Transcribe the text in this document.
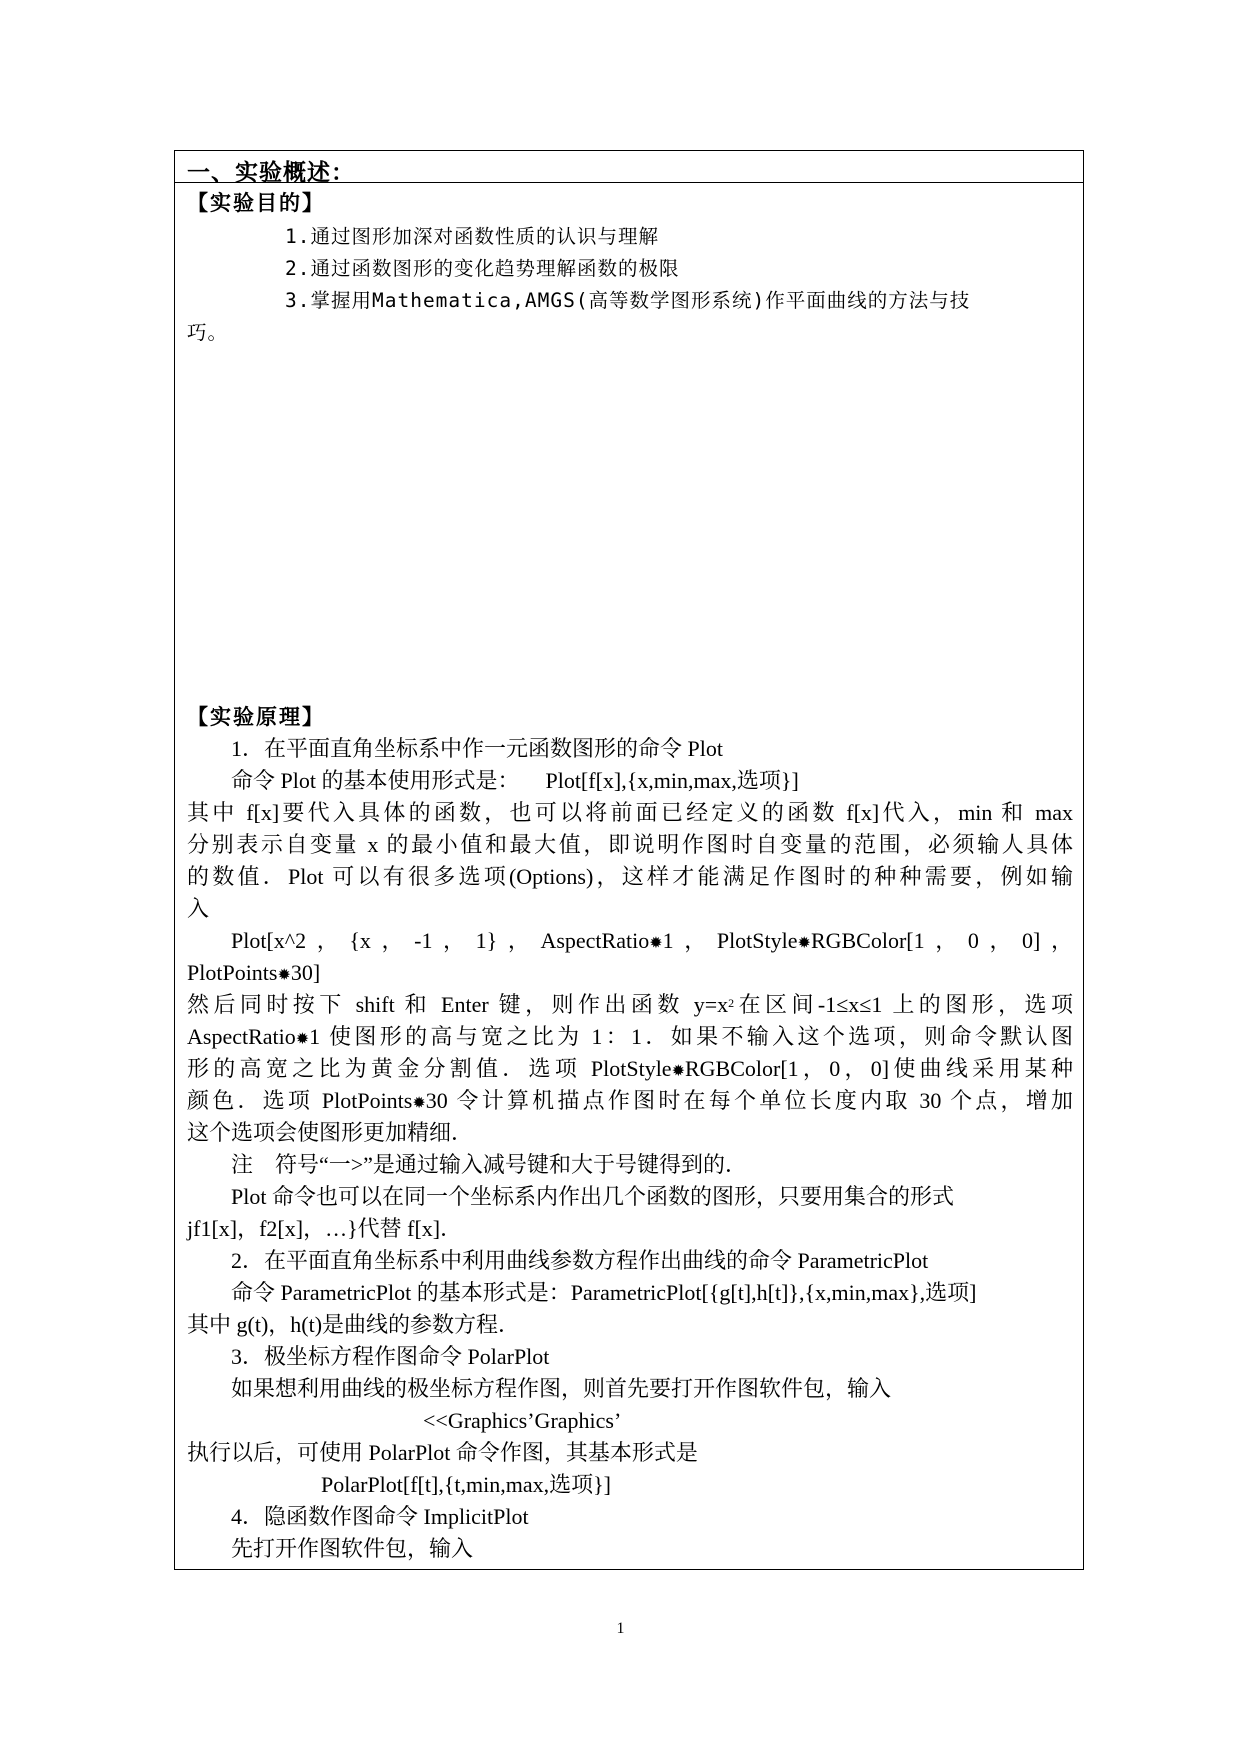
一、实验概述：
【实验目的】
1.通过图形加深对函数性质的认识与理解
2.通过函数图形的变化趋势理解函数的极限
3.掌握用Mathematica,AMGS(高等数学图形系统)作平面曲线的方法与技
巧。
【实验原理】
1．在平面直角坐标系中作一元函数图形的命令 Plot
命令 Plot 的基本使用形式是： Plot[f[x],{x,min,max,选项}]
其中 f[x]要代入具体的函数，也可以将前面已经定义的函数 f[x]代入，min 和 max
分别表示自变量 x 的最小值和最大值，即说明作图时自变量的范围，必须输人具体
的数值．Plot 可以有很多选项(Options)，这样才能满足作图时的种种需要，例如输
入
Plot[x^2，{x，-1，1}，AspectRatio✹1，PlotStyle✹RGBColor[1，0，0]，
PlotPoints✹30]
然后同时按下 shift 和 Enter 键，则作出函数 $y=x^2$在区间-1≤x≤1 上的图形，选项
AspectRatio✹1 使图形的高与宽之比为 1：1．如果不输入这个选项，则命令默认图
形的高宽之比为黄金分割值．选项 PlotStyle✹RGBColor[1，0，0]使曲线采用某种
颜色．选项 PlotPoints✹30 令计算机描点作图时在每个单位长度内取 30 个点，增加
这个选项会使图形更加精细．
注　符号“一>”是通过输入减号键和大于号键得到的．
Plot 命令也可以在同一个坐标系内作出几个函数的图形，只要用集合的形式
jf1[x]，f2[x]，…}代替 f[x]．
2．在平面直角坐标系中利用曲线参数方程作出曲线的命令 ParametricPlot
命令 ParametricPlot 的基本形式是：ParametricPlot[{g[t],h[t]},{x,min,max},选项]
其中 g(t)，h(t)是曲线的参数方程．
3．极坐标方程作图命令 PolarPlot
如果想利用曲线的极坐标方程作图，则首先要打开作图软件包，输入
<<Graphics’Graphics’
执行以后，可使用 PolarPlot 命令作图，其基本形式是
PolarPlot[f[t],{t,min,max,选项}]
4．隐函数作图命令 ImplicitPlot
先打开作图软件包，输入
1
